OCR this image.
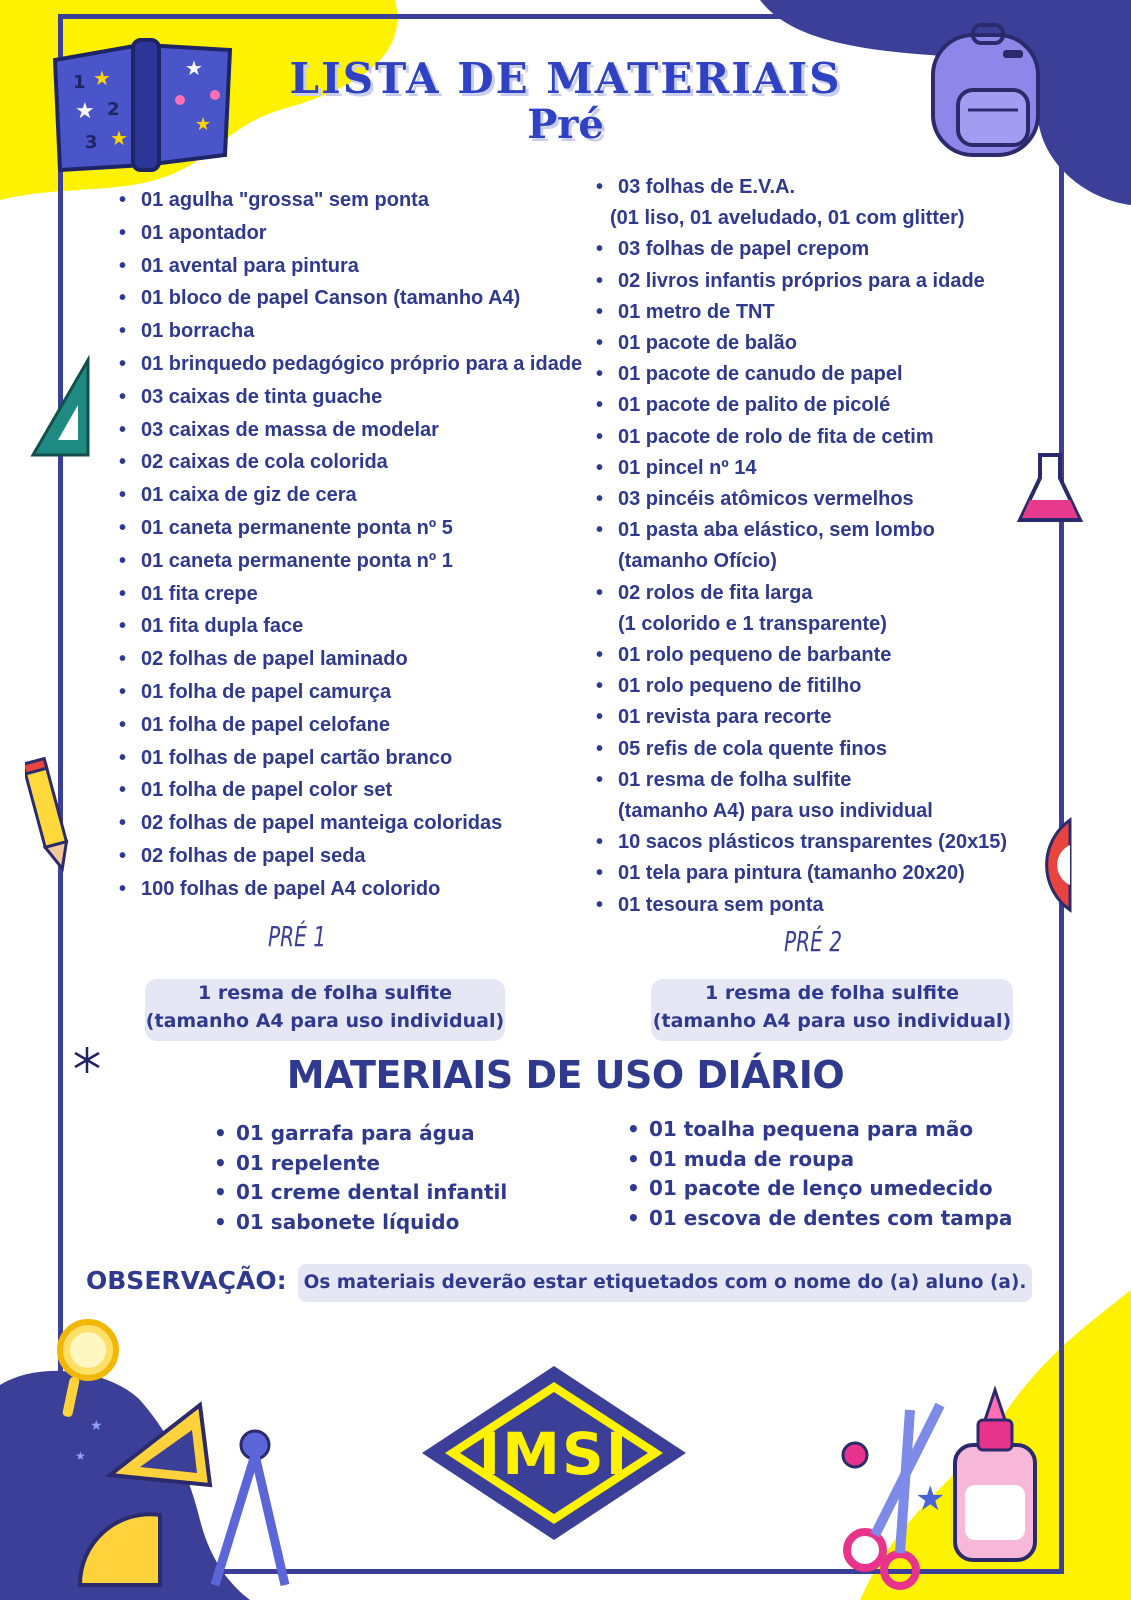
1
2
3
★
★
★
★
★
★
★	IMSI
★
LISTA DE MATERIAIS
Pré
• 01 agulha "grossa" sem ponta
• 01 apontador
• 01 avental para pintura
• 01 bloco de papel Canson (tamanho A4)
• 01 borracha
• 01 brinquedo pedagógico próprio para a idade
• 03 caixas de tinta guache
• 03 caixas de massa de modelar
• 02 caixas de cola colorida
• 01 caixa de giz de cera
• 01 caneta permanente ponta nº 5
• 01 caneta permanente ponta nº 1
• 01 fita crepe
• 01 fita dupla face
• 02 folhas de papel laminado
• 01 folha de papel camurça
• 01 folha de papel celofane
• 01 folhas de papel cartão branco
• 01 folha de papel color set
• 02 folhas de papel manteiga coloridas
• 02 folhas de papel seda
• 100 folhas de papel A4 colorido
• 03 folhas de E.V.A.
(01 liso, 01 aveludado, 01 com glitter)
• 03 folhas de papel crepom
• 02 livros infantis próprios para a idade
• 01 metro de TNT
• 01 pacote de balão
• 01 pacote de canudo de papel
• 01 pacote de palito de picolé
• 01 pacote de rolo de fita de cetim
• 01 pincel nº 14
• 03 pincéis atômicos vermelhos
• 01 pasta aba elástico, sem lombo
(tamanho Ofício)
• 02 rolos de fita larga
(1 colorido e 1 transparente)
• 01 rolo pequeno de barbante
• 01 rolo pequeno de fitilho
• 01 revista para recorte
• 05 refis de cola quente finos
• 01 resma de folha sulfite
(tamanho A4) para uso individual
• 10 sacos plásticos transparentes (20x15)
• 01 tela para pintura (tamanho 20x20)
• 01 tesoura sem ponta
PRÉ 1	PRÉ 2
1 resma de folha sulfite
(tamanho A4 para uso individual)
1 resma de folha sulfite
(tamanho A4 para uso individual)
MATERIAIS DE USO DIÁRIO
• 01 garrafa para água
• 01 repelente
• 01 creme dental infantil
• 01 sabonete líquido
• 01 toalha pequena para mão
• 01 muda de roupa
• 01 pacote de lenço umedecido
• 01 escova de dentes com tampa
OBSERVAÇÃO: Os materiais deverão estar etiquetados com o nome do (a) aluno (a).
